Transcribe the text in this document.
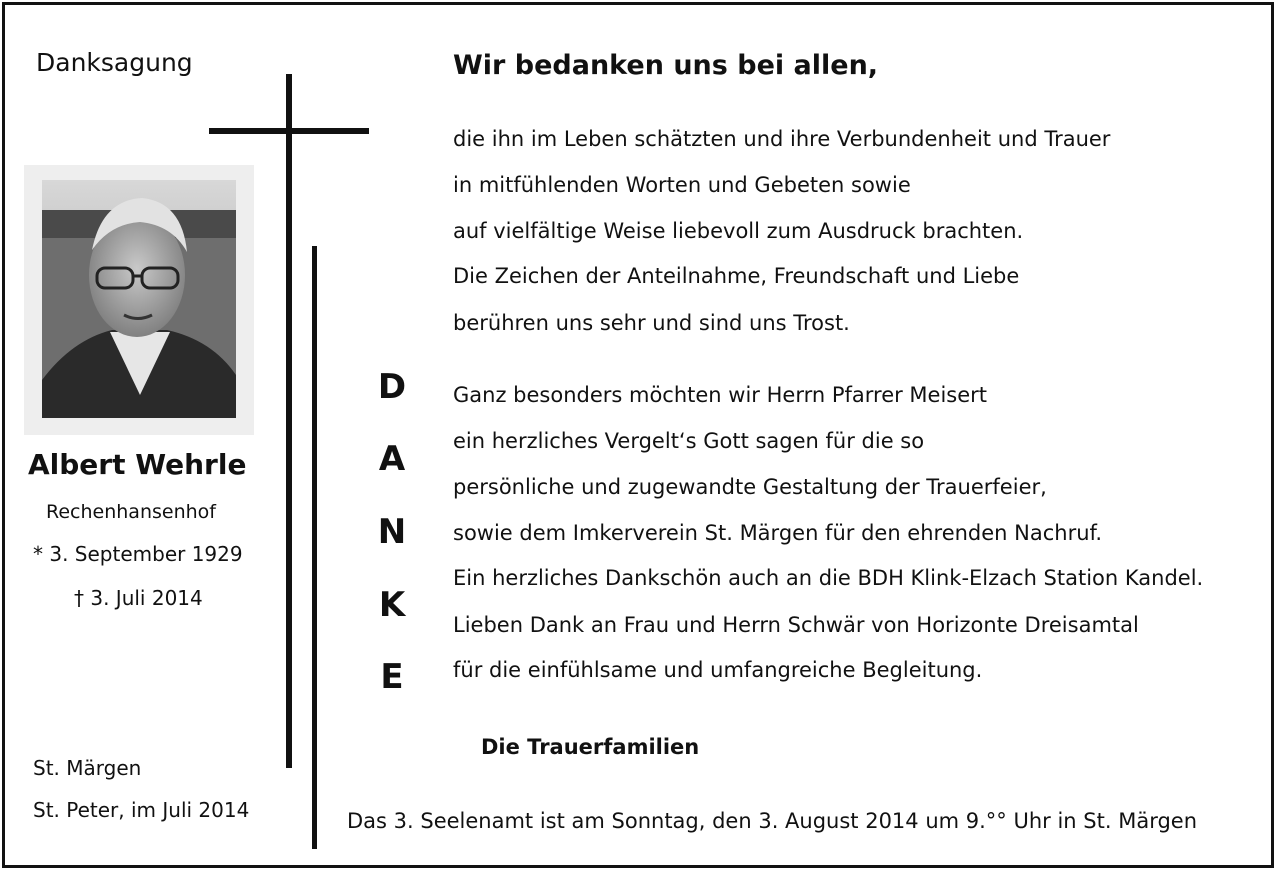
Danksagung
Albert Wehrle
Rechenhansenhof
* 3. September 1929
† 3. Juli 2014
St. Märgen
St. Peter, im Juli 2014
D
A
N
K
E
Wir bedanken uns bei allen,
die ihn im Leben schätzten und ihre Verbundenheit und Trauer
in mitfühlenden Worten und Gebeten sowie
auf vielfältige Weise liebevoll zum Ausdruck brachten.
Die Zeichen der Anteilnahme, Freundschaft und Liebe
berühren uns sehr und sind uns Trost.
Ganz besonders möchten wir Herrn Pfarrer Meisert
ein herzliches Vergelt‘s Gott sagen für die so
persönliche und zugewandte Gestaltung der Trauerfeier,
sowie dem Imkerverein St. Märgen für den ehrenden Nachruf.
Ein herzliches Dankschön auch an die BDH Klink-Elzach Station Kandel.
Lieben Dank an Frau und Herrn Schwär von Horizonte Dreisamtal
für die einfühlsame und umfangreiche Begleitung.
Die Trauerfamilien
Das 3. Seelenamt ist am Sonntag, den 3. August 2014 um 9.°° Uhr in St. Märgen
